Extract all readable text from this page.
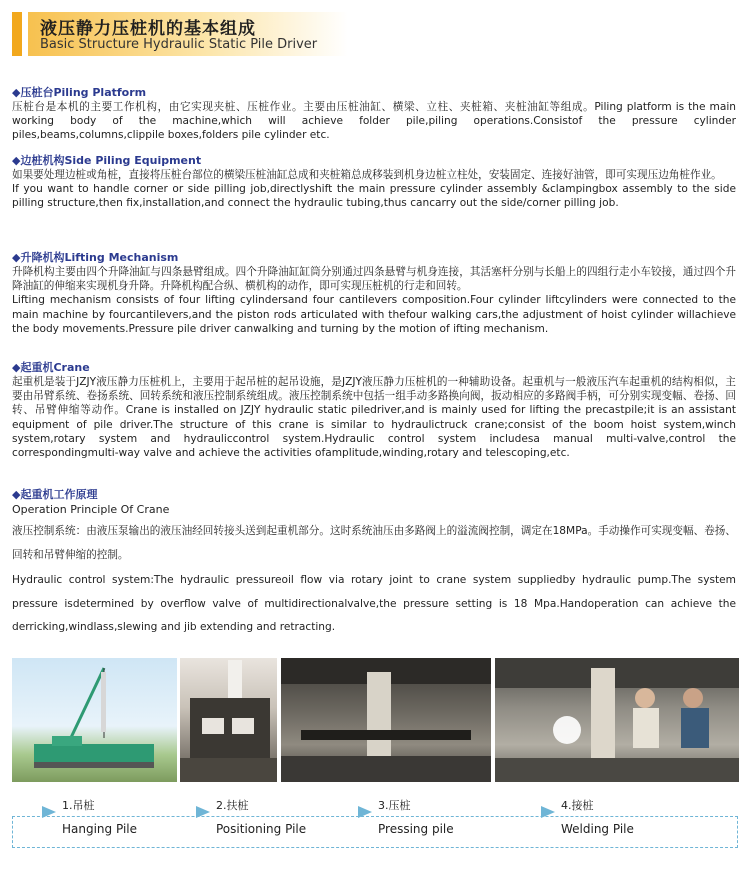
液压静力压桩机的基本组成
Basic Structure Hydraulic Static Pile Driver
◆压桩台Piling Platform

压桩台是本机的主要工作机构，由它实现夹桩、压桩作业。主要由压桩油缸、横梁、立柱、夹桩箱、夹桩油缸等组成。Piling platform is the main working body of the machine,which will achieve folder pile,piling operations.Consistof the pressure cylinder piles,beams,columns,clippile boxes,folders pile cylinder etc.

◆边桩机构Side Piling Equipment

如果要处理边桩或角桩，直接将压桩台部位的横梁压桩油缸总成和夹桩箱总成移装到机身边桩立柱处，安装固定、连接好油管，即可实现压边角桩作业。

If you want to handle corner or side pilling job,directlyshift the main pressure cylinder assembly &clampingbox assembly to the side pilling structure,then fix,installation,and connect the hydraulic tubing,thus cancarry out the side/corner pilling job.

◆升降机构Lifting Mechanism

升降机构主要由四个升降油缸与四条悬臂组成。四个升降油缸缸筒分别通过四条悬臂与机身连接，其活塞杆分别与长船上的四组行走小车铰接，通过四个升降油缸的伸缩来实现机身升降。升降机构配合纵、横机构的动作，即可实现压桩机的行走和回转。

Lifting mechanism consists of four lifting cylindersand four cantilevers composition.Four cylinder liftcylinders were connected to the main machine by fourcantilevers,and the piston rods articulated with thefour walking cars,the adjustment of hoist cylinder willachieve the body movements.Pressure pile driver canwalking and turning by the motion of ifting mechanism.

◆起重机Crane

起重机是装于JZJY液压静力压桩机上，主要用于起吊桩的起吊设施，是JZJY液压静力压桩机的一种辅助设备。起重机与一般液压汽车起重机的结构相似，主要由吊臂系统、卷扬系统、回转系统和液压控制系统组成。液压控制系统中包括一组手动多路换向阀，扳动相应的多路阀手柄，可分别实现变幅、卷扬、回转、吊臂伸缩等动作。Crane is installed on JZJY hydraulic static piledriver,and is mainly used for lifting the precastpile;it is an assistant equipment of pile driver.The structure of this crane is similar to hydraulictruck crane;consist of the boom hoist system,winch system,rotary system and hydrauliccontrol system.Hydraulic control system includesa manual multi-valve,control the correspondingmulti-way valve and achieve the activities ofamplitude,winding,rotary and telescoping,etc.

◆起重机工作原理
Operation Principle Of Crane

液压控制系统：由液压泵输出的液压油经回转接头送到起重机部分。这时系统油压由多路阀上的溢流阀控制，调定在18MPa。手动操作可实现变幅、卷扬、回转和吊臂伸缩的控制。

Hydraulic control system:The hydraulic pressureoil flow via rotary joint to crane system suppliedby hydraulic pump.The system pressure isdetermined by overflow valve of multidirectionalvalve,the pressure setting is 18 Mpa.Handoperation can achieve the derricking,windlass,slewing and jib extending and retracting.

1.吊桩
Hanging Pile
2.扶桩
Positioning Pile
3.压桩
Pressing pile
4.接桩
Welding Pile
